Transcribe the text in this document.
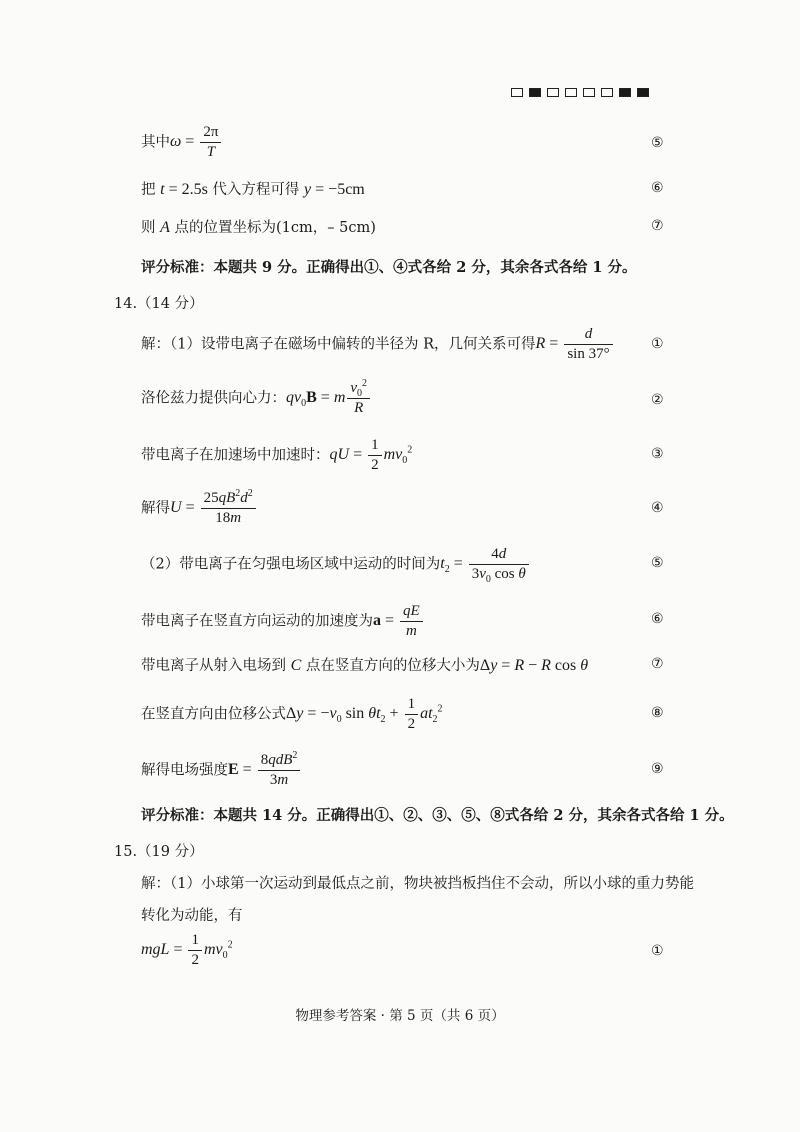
其中$\omega = \frac{2\pi}{T}$	⑤
把 t = 2.5s 代入方程可得 y = −5cm	⑥
则 A 点的位置坐标为(1cm，– 5cm)	⑦
评分标准：本题共 9 分。正确得出①、④式各给 2 分，其余各式各给 1 分。
14.（14 分）
解：（1）设带电离子在磁场中偏转的半径为 R，几何关系可得$R = \frac{d}{\sin 37^\circ}$	①
洛伦兹力提供向心力：$qv_0B = m \frac{v_0^2}{R}$	②
带电离子在加速场中加速时：qU = $\frac{1}{2} mv_0^2$	③
解得$U = \frac{25qB^2d^2}{18m}$	④
（2）带电离子在匀强电场区域中运动的时间为$t_2 = \frac{4d}{3v_0 \cos \theta}$	⑤
带电离子在竖直方向运动的加速度为$a = \frac{qE}{m}$	⑥
带电离子从射入电场到 C 点在竖直方向的位移大小为Δy = R − R cos θ	⑦
在竖直方向由位移公式$\Delta y = -v_0$ $\sin \theta t_2 + \frac{1}{2} at_2^2$	⑧
解得电场强度$E = \frac{8qdB^2}{3m}$	⑨
评分标准：本题共 14 分。正确得出①、②、③、⑤、⑧式各给 2 分，其余各式各给 1 分。
15.（19 分）
解：（1）小球第一次运动到最低点之前，物块被挡板挡住不会动，所以小球的重力势能
转化为动能，有
mgL = $\frac{1}{2} mv_0^2$	①
物理参考答案 · 第 5 页（共 6 页）
